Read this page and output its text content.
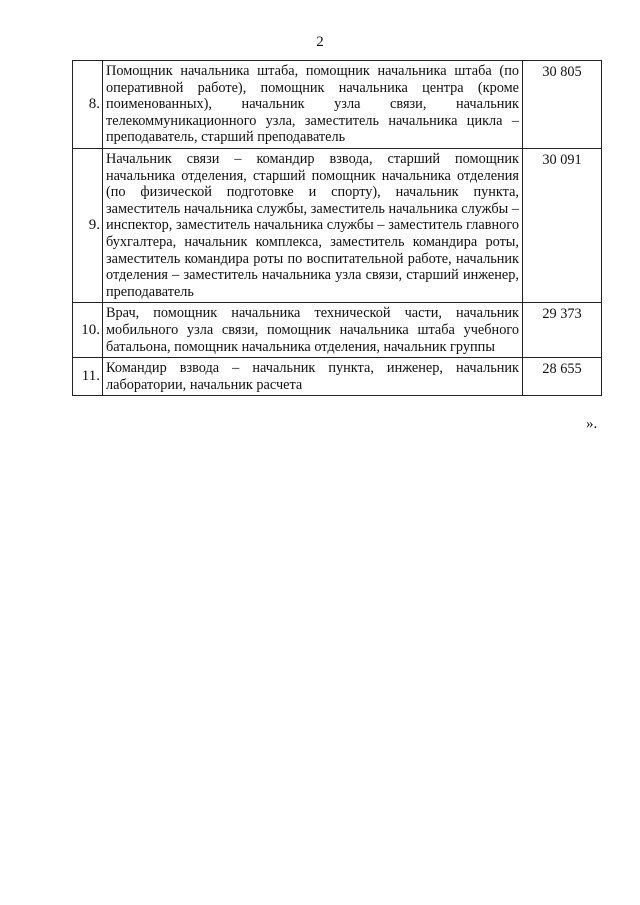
2
8.	Помощник начальника штаба, помощник начальника штаба (по оперативной работе), помощник начальника центра (кроме поименованных), начальник узла связи, начальник телекоммуникационного узла, заместитель начальника цикла – преподаватель, старший преподаватель	30 805
9.	Начальник связи – командир взвода, старший помощник начальника отделения, старший помощник начальника отделения (по физической подготовке и спорту), начальник пункта, заместитель начальника службы, заместитель начальника службы – инспектор, заместитель начальника службы – заместитель главного бухгалтера, начальник комплекса, заместитель командира роты, заместитель командира роты по воспитательной работе, начальник отделения – заместитель начальника узла связи, старший инженер, преподаватель	30 091
10.	Врач, помощник начальника технической части, начальник мобильного узла связи, помощник начальника штаба учебного батальона, помощник начальника отделения, начальник группы	29 373
11.	Командир взвода – начальник пункта, инженер, начальник лаборатории, начальник расчета	28 655
».
